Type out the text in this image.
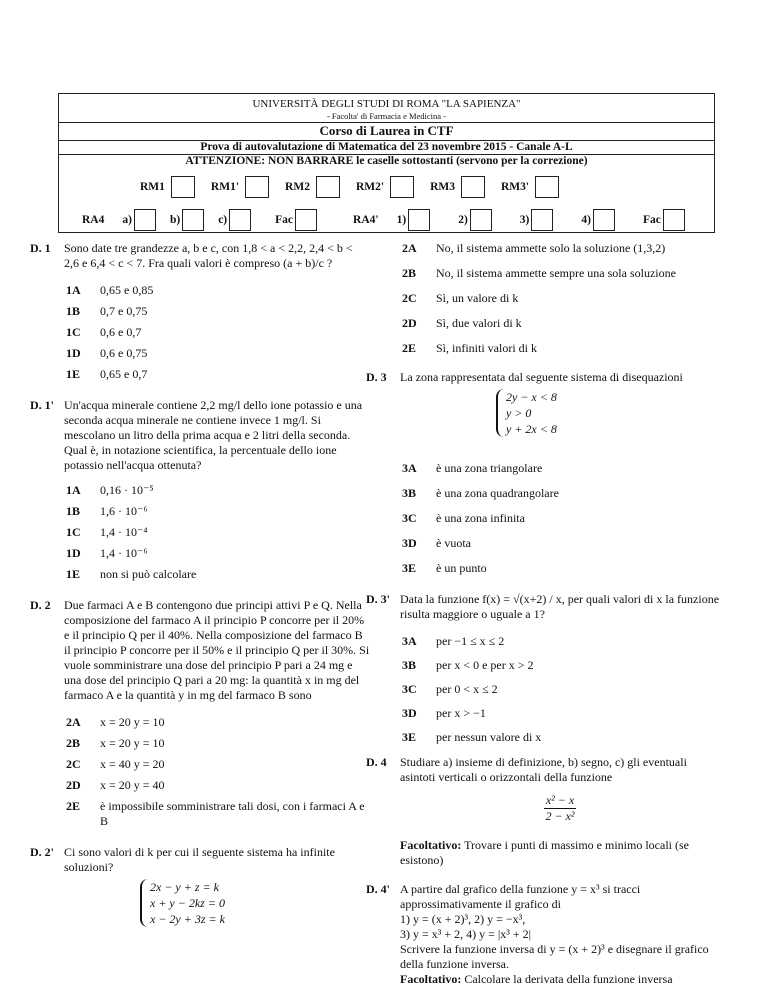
UNIVERSITÀ DEGLI STUDI DI ROMA "LA SAPIENZA"
- Facolta' di Farmacia e Medicina -
Corso di Laurea in CTF
Prova di autovalutazione di Matematica del 23 novembre 2015 - Canale A-L
ATTENZIONE: NON BARRARE le caselle sottostanti (servono per la correzione)
RM1	RM1'	RM2	RM2'	RM3	RM3'
RA4 a)	b)	c)	Fac	RA4' 1)	2)	3)	4)	Fac
D. 1	Sono date tre grandezze a, b e c, con 1,8 < a < 2,2, 2,4 < b < 2,6 e 6,4 < c < 7. Fra quali valori è compreso (a + b)/c ?
1A	0,65 e 0,85
1B	0,7 e 0,75
1C	0,6 e 0,7
1D	0,6 e 0,75
1E	0,65 e 0,7
D. 1' Un'acqua minerale contiene 2,2 mg/l dello ione potassio e una seconda acqua minerale ne contiene invece 1 mg/l. Si mescolano un litro della prima acqua e 2 litri della seconda. Qual è, in notazione scientifica, la percentuale dello ione potassio nell'acqua ottenuta?
1A	0,16 · 10⁻⁵
1B	1,6 · 10⁻⁶
1C	1,4 · 10⁻⁴
1D	1,4 · 10⁻⁶
1E	non si può calcolare
D. 2	Due farmaci A e B contengono due principi attivi P e Q. Nella composizione del farmaco A il principio P concorre per il 20% e il principio Q per il 40%. Nella composizione del farmaco B il principio P concorre per il 50% e il principio Q per il 30%. Si vuole somministrare una dose del principio P pari a 24 mg e una dose del principio Q pari a 20 mg: la quantità x in mg del farmaco A e la quantità y in mg del farmaco B sono
2A	x = 20 y = 10
2B	x = 20 y = 10
2C	x = 40 y = 20
2D	x = 20 y = 40
2E	è impossibile somministrare tali dosi, con i farmaci A e B
D. 2' Ci sono valori di k per cui il seguente sistema ha infinite soluzioni?
2x − y + z = k
x + y − 2kz = 0
x − 2y + 3z = k
2A	No, il sistema ammette solo la soluzione (1,3,2)
2B	No, il sistema ammette sempre una sola soluzione
2C	Sì, un valore di k
2D	Sì, due valori di k
2E	Sì, infiniti valori di k
D. 3	La zona rappresentata dal seguente sistema di disequazioni
2y − x < 8
y > 0
y + 2x < 8
3A	è una zona triangolare
3B	è una zona quadrangolare
3C	è una zona infinita
3D	è vuota
3E	è un punto
D. 3' Data la funzione f(x) = √(x+2) / x, per quali valori di x la funzione risulta maggiore o uguale a 1?
3A	per −1 ≤ x ≤ 2
3B	per x < 0 e per x > 2
3C	per 0 < x ≤ 2
3D	per x > −1
3E	per nessun valore di x
D. 4	Studiare a) insieme di definizione, b) segno, c) gli eventuali asintoti verticali o orizzontali della funzione
$\frac{\text{x² − x}}{\text{2 − x²}}$
Facoltativo: Trovare i punti di massimo e minimo locali (se esistono)
D. 4' A partire dal grafico della funzione y = x³ si tracci approssimativamente il grafico di
1) y = (x + 2)³, 2) y = −x³,
3) y = x³ + 2, 4) y = |x³ + 2|
Scrivere la funzione inversa di y = (x + 2)³ e disegnare il grafico della funzione inversa.
Facoltativo: Calcolare la derivata della funzione inversa
